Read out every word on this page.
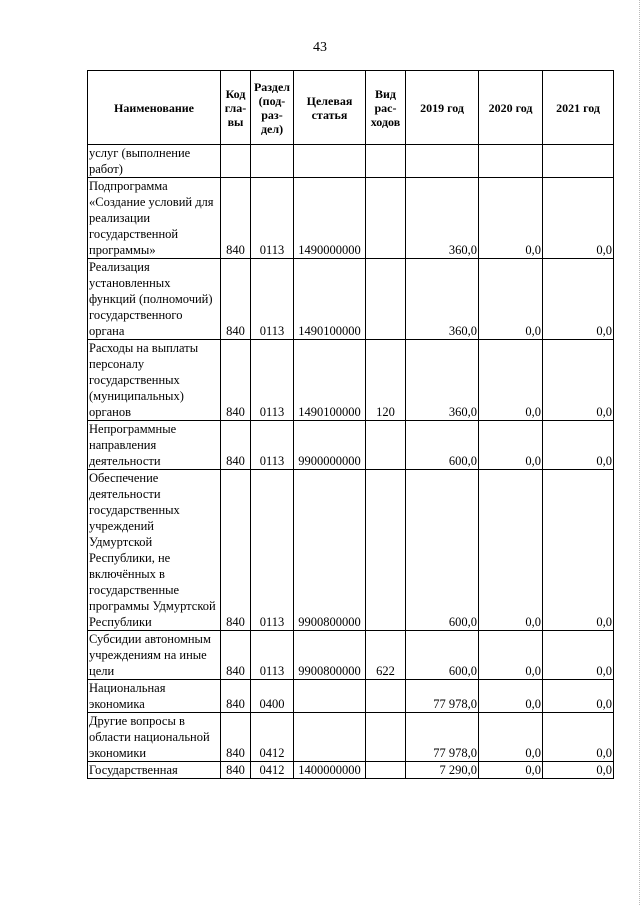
43
Наименование	Код гла- вы	Раздел (под- раз- дел)	Целевая статья	Вид рас- ходов	2019 год	2020 год	2021 год
услуг (выполнение работ)							
Подпрограмма «Создание условий для реализации государственной программы»	840	0113	1490000000		360,0	0,0	0,0
Реализация установленных функций (полномочий) государственного органа	840	0113	1490100000		360,0	0,0	0,0
Расходы на выплаты персоналу государственных (муниципальных) органов	840	0113	1490100000	120	360,0	0,0	0,0
Непрограммные направления деятельности	840	0113	9900000000		600,0	0,0	0,0
Обеспечение деятельности государственных учреждений Удмуртской Республики, не включённых в государственные программы Удмуртской Республики	840	0113	9900800000		600,0	0,0	0,0
Субсидии автономным учреждениям на иные цели	840	0113	9900800000	622	600,0	0,0	0,0
Национальная экономика	840	0400			77 978,0	0,0	0,0
Другие вопросы в области национальной экономики	840	0412			77 978,0	0,0	0,0
Государственная	840	0412	1400000000		7 290,0	0,0	0,0
